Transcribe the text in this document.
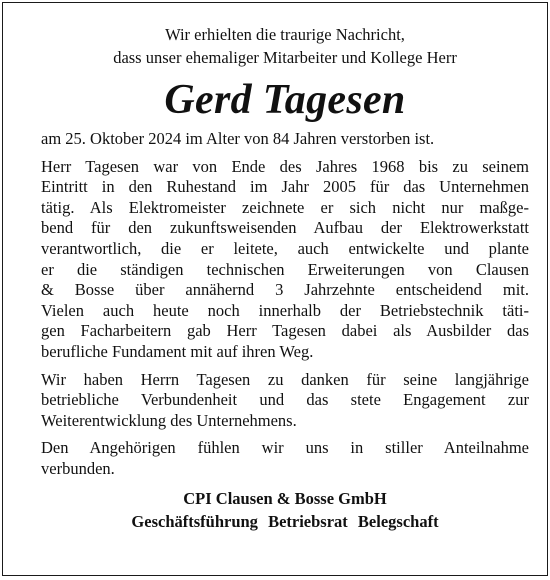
Wir erhielten die traurige Nachricht,
dass unser ehemaliger Mitarbeiter und Kollege Herr
Gerd Tagesen

am 25. Oktober 2024 im Alter von 84 Jahren verstorben ist.

Herr Tagesen war von Ende des Jahres 1968 bis zu seinem
Eintritt in den Ruhestand im Jahr 2005 für das Unternehmen
tätig. Als Elektromeister zeichnete er sich nicht nur maßge-
bend für den zukunftsweisenden Aufbau der Elektrowerkstatt
verantwortlich, die er leitete, auch entwickelte und plante
er die ständigen technischen Erweiterungen von Clausen
& Bosse über annähernd 3 Jahrzehnte entscheidend mit.
Vielen auch heute noch innerhalb der Betriebstechnik täti-
gen Facharbeitern gab Herr Tagesen dabei als Ausbilder das
berufliche Fundament mit auf ihren Weg.

Wir haben Herrn Tagesen zu danken für seine langjährige
betriebliche Verbundenheit und das stete Engagement zur
Weiterentwicklung des Unternehmens.

Den Angehörigen fühlen wir uns in stiller Anteilnahme
verbunden.

CPI Clausen & Bosse GmbH
Geschäftsführung Betriebsrat Belegschaft
